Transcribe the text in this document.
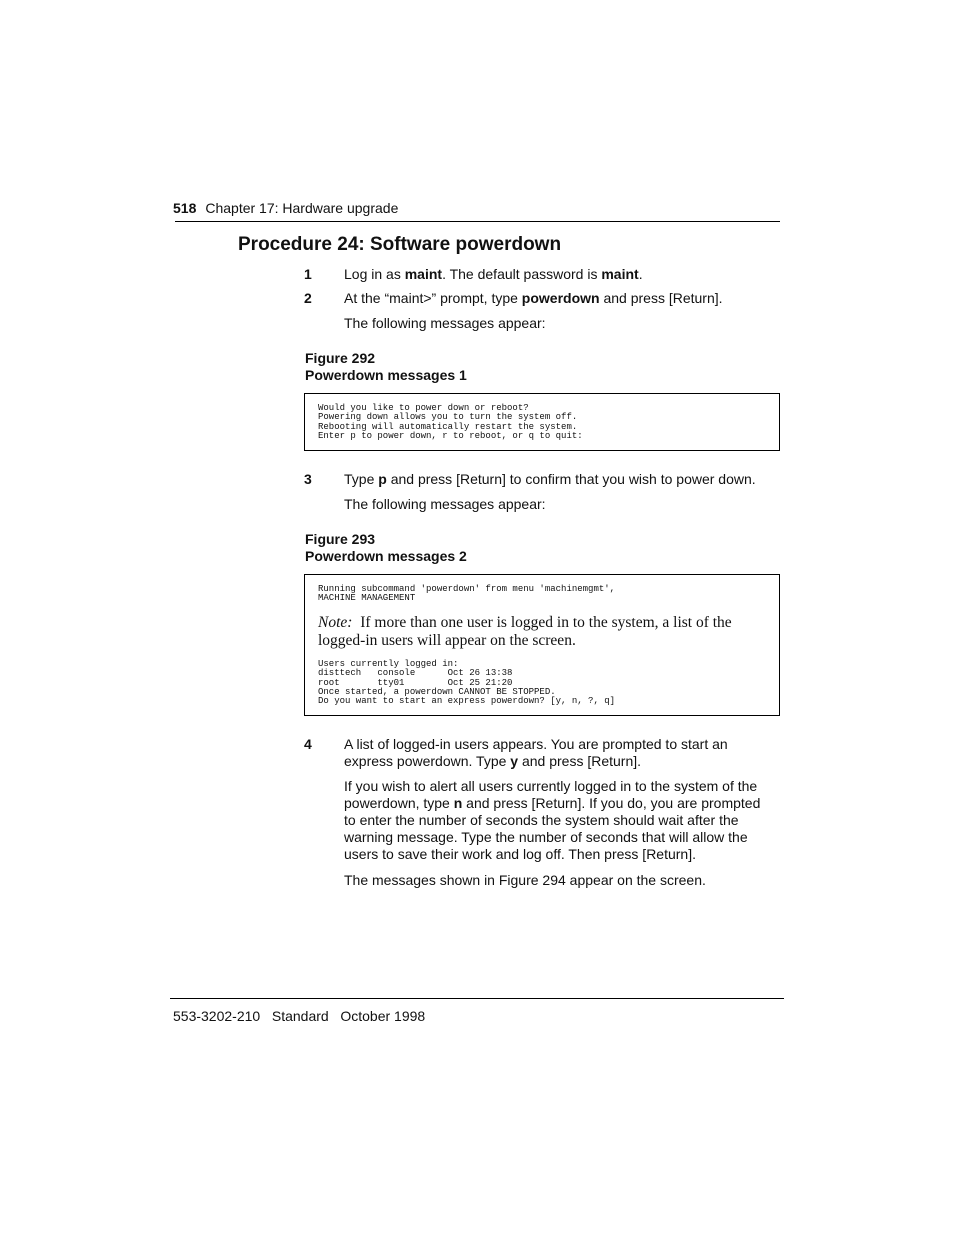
518 Chapter 17: Hardware upgrade
Procedure 24: Software powerdown
1 Log in as maint. The default password is maint.
2 At the “maint>” prompt, type powerdown and press [Return].
The following messages appear:
Figure 292
Powerdown messages 1
Would you like to power down or reboot?
Powering down allows you to turn the system off.
Rebooting will automatically restart the system.
Enter p to power down, r to reboot, or q to quit:
3 Type p and press [Return] to confirm that you wish to power down.
The following messages appear:
Figure 293
Powerdown messages 2
Running subcommand 'powerdown' from menu 'machinemgmt',
MACHINE MANAGEMENT
Note: If more than one user is logged in to the system, a list of the
logged-in users will appear on the screen.
Users currently logged in:
disttech   console      Oct 26 13:38
root       tty01        Oct 25 21:20
Once started, a powerdown CANNOT BE STOPPED.
Do you want to start an express powerdown? [y, n, ?, q]
4 A list of logged-in users appears. You are prompted to start an
express powerdown. Type y and press [Return].
If you wish to alert all users currently logged in to the system of the
powerdown, type n and press [Return]. If you do, you are prompted
to enter the number of seconds the system should wait after the
warning message. Type the number of seconds that will allow the
users to save their work and log off. Then press [Return].
The messages shown in Figure 294 appear on the screen.
553-3202-210 Standard October 1998
